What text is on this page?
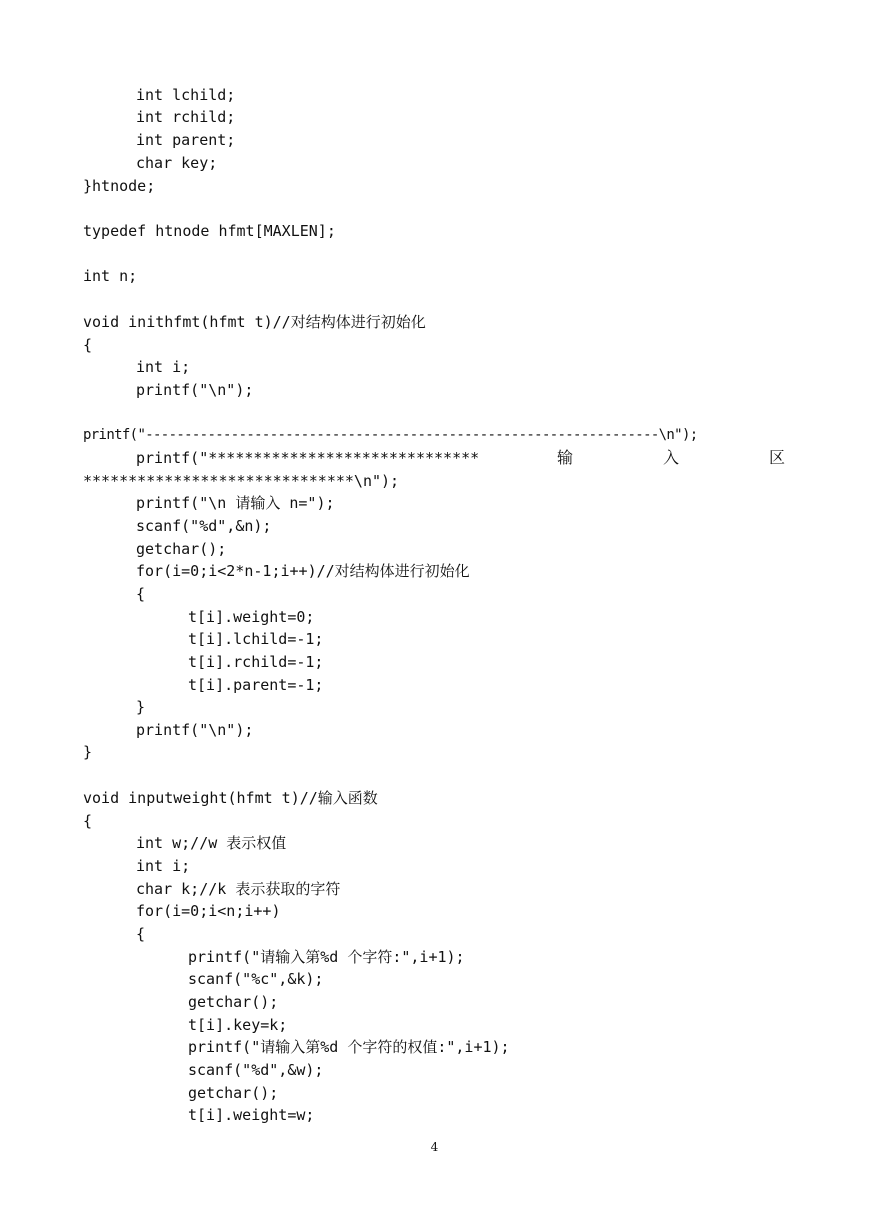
int lchild;
int rchild;
int parent;
char key;
}htnode;
typedef htnode hfmt[MAXLEN];
int n;
void inithfmt(hfmt t)//对结构体进行初始化
{
int i;
printf("\n");
printf("------------------------------------------------------------------\n");
printf("******************************	输	入	区
******************************\n");
printf("\n 请输入 n=");
scanf("%d",&n);
getchar();
for(i=0;i<2*n-1;i++)//对结构体进行初始化
{
t[i].weight=0;
t[i].lchild=-1;
t[i].rchild=-1;
t[i].parent=-1;
}
printf("\n");
}
void inputweight(hfmt t)//输入函数
{
int w;//w 表示权值
int i;
char k;//k 表示获取的字符
for(i=0;i<n;i++)
{
printf("请输入第%d 个字符:",i+1);
scanf("%c",&k);
getchar();
t[i].key=k;
printf("请输入第%d 个字符的权值:",i+1);
scanf("%d",&w);
getchar();
t[i].weight=w;
4
